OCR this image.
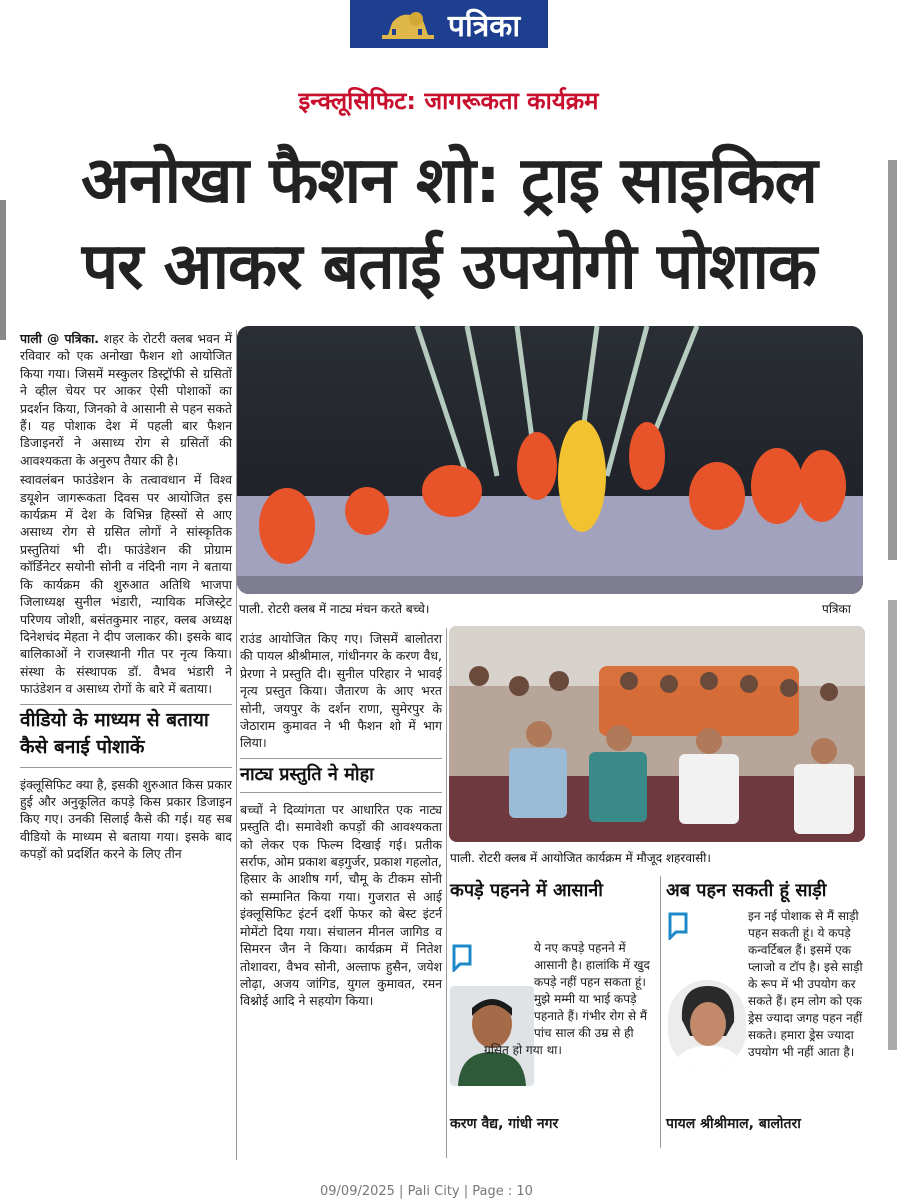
पत्रिका
इन्क्लूसिफिट: जागरूकता कार्यक्रम
अनोखा फैशन शो: ट्राइ साइकिल
पर आकर बताई उपयोगी पोशाक

पाली @ पत्रिका. शहर के रोटरी क्लब भवन में रविवार को एक अनोखा फैशन शो आयोजित किया गया। जिसमें मस्कुलर डिस्ट्रॉफी से ग्रसितों ने व्हील चेयर पर आकर ऐसी पोशाकों का प्रदर्शन किया, जिनको वे आसानी से पहन सकते हैं। यह पोशाक देश में पहली बार फैशन डिजाइनरों ने असाध्य रोग से ग्रसितों की आवश्यकता के अनुरुप तैयार की है।

स्वावलंबन फाउंडेशन के तत्वावधान में विश्व डयूशेन जागरूकता दिवस पर आयोजित इस कार्यक्रम में देश के विभिन्न हिस्सों से आए असाध्य रोग से ग्रसित लोगों ने सांस्कृतिक प्रस्तुतियां भी दी। फाउंडेशन की प्रोग्राम कॉर्डिनेटर सयोनी सोनी व नंदिनी नाग ने बताया कि कार्यक्रम की शुरुआत अतिथि भाजपा जिलाध्यक्ष सुनील भंडारी, न्यायिक मजिस्ट्रेट परिणय जोशी, बसंतकुमार नाहर, क्लब अध्यक्ष दिनेशचंद मेहता ने दीप जलाकर की। इसके बाद बालिकाओं ने राजस्थानी गीत पर नृत्य किया। संस्था के संस्थापक डॉ. वैभव भंडारी ने फाउंडेशन व असाध्य रोगों के बारे में बताया।

वीडियो के माध्यम से बताया कैसे बनाई पोशाकें

इंक्लूसिफिट क्या है, इसकी शुरुआत किस प्रकार हुई और अनुकूलित कपड़े किस प्रकार डिजाइन किए गए। उनकी सिलाई कैसे की गई। यह सब वीडियो के माध्यम से बताया गया। इसके बाद कपड़ों को प्रदर्शित करने के लिए तीन

पाली. रोटरी क्लब में नाट्य मंचन करते बच्चे।	पत्रिका

राउंड आयोजित किए गए। जिसमें बालोतरा की पायल श्रीश्रीमाल, गांधीनगर के करण वैध, प्रेरणा ने प्रस्तुति दी। सुनील परिहार ने भावई नृत्य प्रस्तुत किया। जैतारण के आए भरत सोनी, जयपुर के दर्शन राणा, सुमेरपुर के जेठाराम कुमावत ने भी फैशन शो में भाग लिया।

नाट्य प्रस्तुति ने मोहा

बच्चों ने दिव्यांगता पर आधारित एक नाट्य प्रस्तुति दी। समावेशी कपड़ों की आवश्यकता को लेकर एक फिल्म दिखाई गई। प्रतीक सर्राफ, ओम प्रकाश बड़गुर्जर, प्रकाश गहलोत, हिसार के आशीष गर्ग, चौमू के टीकम सोनी को सम्मानित किया गया। गुजरात से आई इंक्लूसिफिट इंटर्न दर्शी फेफर को बेस्ट इंटर्न मोमेंटो दिया गया। संचालन मीनल जागिड व सिमरन जैन ने किया। कार्यक्रम में नितेश तोशावरा, वैभव सोनी, अल्ताफ हुसैन, जयेश लोढ़ा, अजय जांगिड, युगल कुमावत, रमन विश्नोई आदि ने सहयोग किया।

पाली. रोटरी क्लब में आयोजित कार्यक्रम में मौजूद शहरवासी।
कपड़े पहनने में आसानी
ये नए कपड़े पहनने में आसानी है। हालांकि में खुद कपड़े नहीं पहन सकता हूं। मुझे मम्मी या भाई कपड़े पहनाते हैं। गंभीर रोग से मैं पांच साल की उम्र से ही ग्रसित हो गया था।
करण वैद्य, गांधी नगर
अब पहन सकती हूं साड़ी
इन नई पोशाक से मैं साड़ी पहन सकती हूं। ये कपड़े कन्वर्टिबल हैं। इसमें एक प्लाजो व टॉप है। इसे साड़ी के रूप में भी उपयोग कर सकते हैं। हम लोग को एक ड्रेस ज्यादा जगह पहन नहीं सकते। हमारा ड्रेस ज्यादा उपयोग भी नहीं आता है।
पायल श्रीश्रीमाल, बालोतरा
09/09/2025 | Pali City | Page : 10
